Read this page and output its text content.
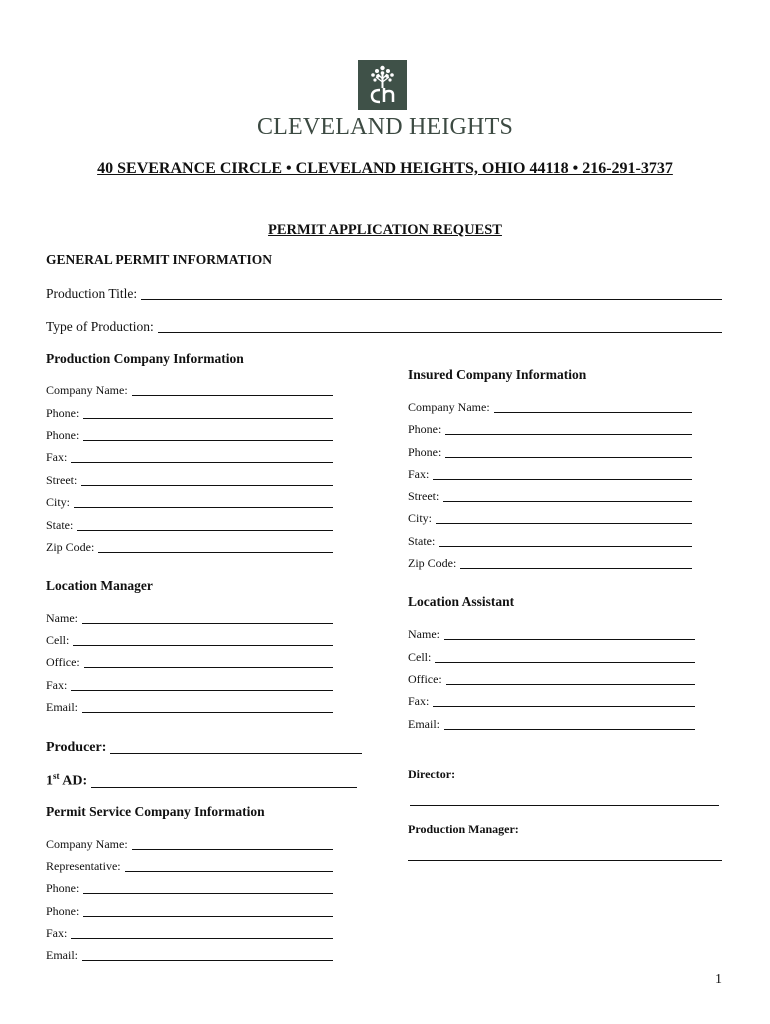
CLEVELAND HEIGHTS
40 SEVERANCE CIRCLE • CLEVELAND HEIGHTS, OHIO 44118 • 216-291-3737
PERMIT APPLICATION REQUEST
GENERAL PERMIT INFORMATION
Production Title:
Type of Production:
Production Company Information
Company Name:
Phone:
Phone:
Fax:
Street:
City:
State:
Zip Code:
Insured Company Information
Company Name:
Phone:
Phone:
Fax:
Street:
City:
State:
Zip Code:
Location Manager
Name:
Cell:
Office:
Fax:
Email:
Location Assistant
Name:
Cell:
Office:
Fax:
Email:
Producer:
1st AD:	Director:
Production Manager:
Permit Service Company Information
Company Name:
Representative:
Phone:
Phone:
Fax:
Email:
1
